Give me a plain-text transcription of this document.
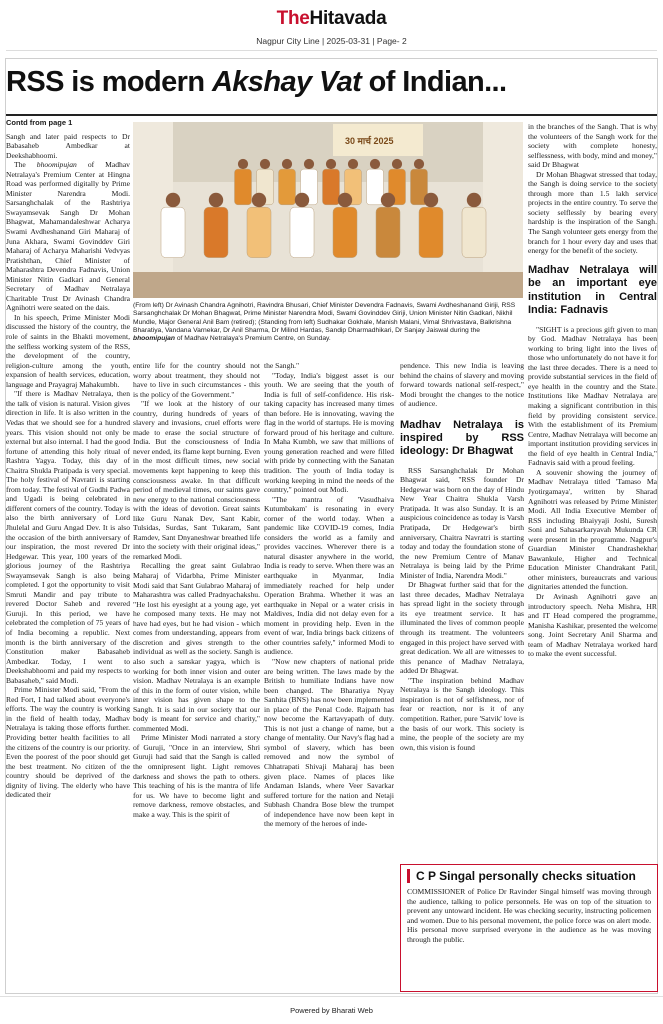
TheHitavada
Nagpur City Line | 2025-03-31 | Page- 2
RSS is modern Akshay Vat of Indian...
Contd from page 1

Sangh and later paid respects to Dr Babasaheb Ambedkar at Deekshabhoomi.

The bhoomipujan of Madhav Netralaya's Premium Center at Hingna Road was performed digitally by Prime Minister Narendra Modi. Sarsanghchalak of the Rashtriya Swayamsevak Sangh Dr Mohan Bhagwat, Mahamandaleshwar Acharya Swami Avdheshanand Giri Maharaj of Juna Akhara, Swami Govinddev Giri Maharaj of Acharya Maharishi Vedvyas Pratishthan, Chief Minister of Maharashtra Devendra Fadnavis, Union Minister Nitin Gadkari and General Secretary of Madhav Netralaya Charitable Trust Dr Avinash Chandra Agnihotri were seated on the dais.

In his speech, Prime Minister Modi discussed the history of the country, the role of saints in the Bhakti movement, the selfless working system of the RSS, the development of the country, religion-culture among the youth, expansion of health services, education, language and Prayagraj Mahakumbh.

"If there is Madhav Netralaya, then the talk of vision is natural. Vision gives direction in life. It is also written in the Vedas that we should see for a hundred years. This vision should not only be external but also internal. I had the good fortune of attending this holy ritual of Rashtra Yagya. Today, this day of Chaitra Shukla Pratipada is very special. The holy festival of Navratri is starting from today. The festival of Gudhi Padwa and Ugadi is being celebrated in different corners of the country. Today is also the birth anniversary of Lord Jhulelal and Guru Angad Dev. It is also the occasion of the birth anniversary of our inspiration, the most revered Dr Hedgewar. This year, 100 years of the glorious journey of the Rashtriya Swayamsevak Sangh is also being completed. I got the opportunity to visit Smruti Mandir and pay tribute to revered Doctor Saheb and revered Guruji. In this period, we have celebrated the completion of 75 years of of India becoming a republic. Next month is the birth anniversary of the Constitution maker Babasaheb Ambedkar. Today, I went to Deekshabhoomi and paid my respects to Babasaheb," said Modi.

Prime Minister Modi said, "From the Red Fort, I had talked about everyone's efforts. The way the country is working in the field of health today, Madhav Netralaya is taking those efforts further. Providing better health facilities to all the citizens of the country is our priority. Even the poorest of the poor should get the best treatment. No citizen of the country should be deprived of the dignity of living. The elderly who have dedicated their

30 मार्च 2025
(From left) Dr Avinash Chandra Agnihotri, Ravindra Bhusari, Chief Minister Devendra Fadnavis, Swami Avdheshanand Giriji, RSS Sarsanghchalak Dr Mohan Bhagwat, Prime Minister Narendra Modi, Swami Govinddev Giriji, Union Minister Nitin Gadkari, Nikhil Mundle, Major General Anil Bam (retired); (Standing from left) Sudhakar Gokhale, Manish Malani, Vimal Shrivastava, Balkrishna Bharatiya, Vandana Varnekar, Dr Anil Sharma, Dr Milind Hardas, Sandip Dharmadhikari, Dr Sanjay Jaiswal during the bhoomipujan of Madhav Netralaya's Premium Centre, on Sunday.

entire life for the country should not worry about treatment, they should not have to live in such circumstances - this is the policy of the Government."

"If we look at the history of our country, during hundreds of years of slavery and invasions, cruel efforts were made to erase the social structure of India. But the consciousness of India never ended, its flame kept burning. Even in the most difficult times, new social movements kept happening to keep this consciousness awake. In that difficult period of medieval times, our saints gave new energy to the national consciousness with the ideas of devotion. Great saints like Guru Nanak Dev, Sant Kabir, Tulsidas, Surdas, Sant Tukaram, Sant Ramdev, Sant Dnyaneshwar breathed life into the society with their original ideas," remarked Modi.

Recalling the great saint Gulabrao Maharaj of Vidarbha, Prime Minister Modi said that Sant Gulabrao Maharaj of Maharashtra was called Pradnyachakshu. "He lost his eyesight at a young age, yet he composed many texts. He may not have had eyes, but he had vision - which comes from understanding, appears from discretion and gives strength to the individual as well as the society. Sangh is also such a sanskar yagya, which is working for both inner vision and outer vision. Madhav Netralaya is an example of this in the form of outer vision, while inner vision has given shape to the Sangh. It is said in our society that our body is meant for service and charity," commented Modi.

Prime Minister Modi narrated a story of Guruji, "Once in an interview, Shri Guruji had said that the Sangh is called the omnipresent light. Light removes darkness and shows the path to others. This teaching of his is the mantra of life for us. We have to become light and remove darkness, remove obstacles, and make a way. This is the spirit of

the Sangh."

"Today, India's biggest asset is our youth. We are seeing that the youth of India is full of self-confidence. His risk-taking capacity has increased many times than before. He is innovating, waving the flag in the world of startups. He is moving forward proud of his heritage and culture. In Maha Kumbh, we saw that millions of young generation reached and were filled with pride by connecting with the Sanatan tradition. The youth of India today is working keeping in mind the needs of the country," pointed out Modi.

"The mantra of 'Vasudhaiva Kutumbakam' is resonating in every corner of the world today. When a pandemic like COVID-19 comes, India considers the world as a family and provides vaccines. Wherever there is a natural disaster anywhere in the world, India is ready to serve. When there was an earthquake in Myanmar, India immediately reached for help under Operation Brahma. Whether it was an earthquake in Nepal or a water crisis in Maldives, India did not delay even for a moment in providing help. Even in the event of war, India brings back citizens of other countries safely," informed Modi to audience.

"Now new chapters of national pride are being written. The laws made by the British to humiliate Indians have now been changed. The Bharatiya Nyay Sanhita (BNS) has now been implemented in place of the Penal Code. Rajpath has now become the Kartavyapath of duty. This is not just a change of name, but a change of mentality. Our Navy's flag had a symbol of slavery, which has been removed and now the symbol of Chhatrapati Shivaji Maharaj has been given place. Names of places like Andaman Islands, where Veer Savarkar suffered torture for the nation and Netaji Subhash Chandra Bose blew the trumpet of independence have now been kept in the memory of the heroes of inde-

pendence. This new India is leaving behind the chains of slavery and moving forward towards national self-respect," Modi brought the changes to the notice of audience.

Madhav Netralaya is inspired by RSS ideology: Dr Bhagwat

RSS Sarsanghchalak Dr Mohan Bhagwat said, "RSS founder Dr Hedgewar was born on the day of Hindu New Year Chaitra Shukla Varsh Pratipada. It was also Sunday. It is an auspicious coincidence as today is Varsh Pratipada, Dr Hedgewar's birth anniversary, Chaitra Navratri is starting today and today the foundation stone of the new Premium Centre of Manav Netralaya is being laid by the Prime Minister of India, Narendra Modi."

Dr Bhagwat further said that for the last three decades, Madhav Netralaya has spread light in the society through its eye treatment service. It has illuminated the lives of common people through its treatment. The volunteers engaged in this project have served with great dedication. We all are witnesses to this penance of Madhav Netralaya, added Dr Bhagwat.

"The inspiration behind Madhav Netralaya is the Sangh ideology. This inspiration is not of selfishness, nor of fear or reaction, nor is it of any competition. Rather, pure 'Satvik' love is the basis of our work. This society is mine, the people of the society are my own, this vision is found

in the branches of the Sangh. That is why the volunteers of the Sangh work for the society with complete honesty, selflessness, with body, mind and money," said Dr Bhagwat

Dr Mohan Bhagwat stressed that today, the Sangh is doing service to the society through more than 1.5 lakh service projects in the entire country. To serve the society selflessly by bearing every hardship is the inspiration of the Sangh. The Sangh volunteer gets energy from the branch for 1 hour every day and uses that energy for the benefit of the society.

Madhav Netralaya will be an important eye institution in Central India: Fadnavis

"SIGHT is a precious gift given to man by God. Madhav Netralaya has been working to bring light into the lives of those who unfortunately do not have it for the last three decades. There is a need to provide substantial services in the field of eye health in the country and the State. Institutions like Madhav Netralaya are making a significant contribution in this field by providing consistent service. With the establishment of its Premium Centre, Madhav Netralaya will become an important institution providing services in the field of eye health in Central India," Fadnavis said with a proud feeling.

A souvenir showing the journey of Madhav Netralaya titled 'Tamaso Ma Jyotirgamaya', written by Sharad Agnihotri was released by Prime Minister Modi. All India Executive Member of RSS including Bhaiyyaji Joshi, Suresh Soni and Sahasarkaryavah Mukunda CR were present in the programme. Nagpur's Guardian Minister Chandrashekhar Bawankule, Higher and Technical Education Minister Chandrakant Patil, other ministers, bureaucrats and various dignitaries attended the function.

Dr Avinash Agnihotri gave an introductory speech. Neha Mishra, HR and IT Head compered the programme, Manisha Kashikar, presented the welcome song. Joint Secretary Anil Sharma and team of Madhav Netralaya worked hard to make the event successful.

C P Singal personally checks situation
COMMISSIONER of Police Dr Ravinder Singal himself was moving through the audience, talking to police personnels. He was on top of the situation to prevent any untoward incident. He was checking security, instructing policemen and women. Due to his personal movement, the police force was on alert mode. His personal move surprised everyone in the audience as he was moving through the public.
Powered by Bharati Web
